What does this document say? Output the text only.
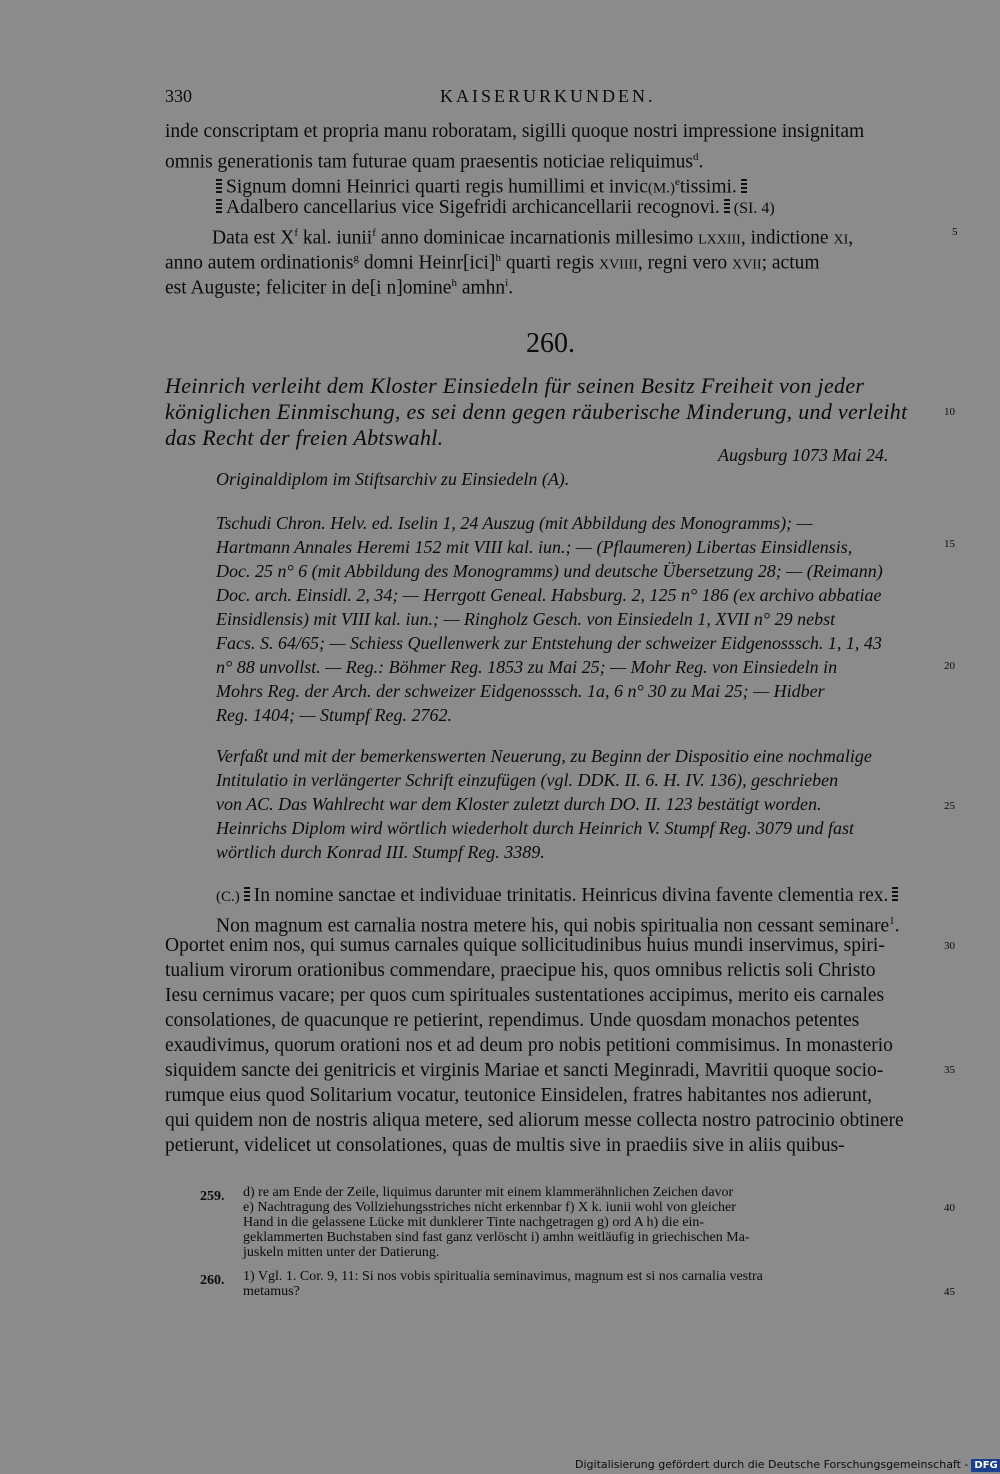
330	KAISERURKUNDEN.
inde conscriptam et propria manu roboratam, sigilli quoque nostri impressione insignitam
omnis generationis tam futurae quam praesentis noticiae reliquimus$^d$.
Signum domni Heinrici quarti regis humillimi et $invic(M.)^etissimi$.
Adalbero cancellarius vice Sigefridi archicancellarii recognovi. (SI. 4)
Data est $X^f$ kal. iunii$^f$ anno dominicae incarnationis millesimo lxxiii, indictione xi,
anno autem ordinationis$^g$ domni Heinr[ici]$^h$ quarti regis xviiii, regni vero xvii; actum
est Auguste; feliciter in de[i n]omine$^h$ amhn$^i$.
260.
Heinrich verleiht dem Kloster Einsiedeln für seinen Besitz Freiheit von jeder
königlichen Einmischung, es sei denn gegen räuberische Minderung, und verleiht
das Recht der freien Abtswahl.
Augsburg 1073 Mai 24.
Originaldiplom im Stiftsarchiv zu Einsiedeln (A).
Tschudi Chron. Helv. ed. Iselin 1, 24 Auszug (mit Abbildung des Monogramms); —
Hartmann Annales Heremi 152 mit VIII kal. iun.; — (Pflaumeren) Libertas Einsidlensis,
Doc. 25 n° 6 (mit Abbildung des Monogramms) und deutsche Übersetzung 28; — (Reimann)
Doc. arch. Einsidl. 2, 34; — Herrgott Geneal. Habsburg. 2, 125 n° 186 (ex archivo abbatiae
Einsidlensis) mit VIII kal. iun.; — Ringholz Gesch. von Einsiedeln 1, XVII n° 29 nebst
Facs. S. 64/65; — Schiess Quellenwerk zur Entstehung der schweizer Eidgenosssch. 1, 1, 43
n° 88 unvollst. — Reg.: Böhmer Reg. 1853 zu Mai 25; — Mohr Reg. von Einsiedeln in
Mohrs Reg. der Arch. der schweizer Eidgenosssch. 1a, 6 n° 30 zu Mai 25; — Hidber
Reg. 1404; — Stumpf Reg. 2762.
Verfaßt und mit der bemerkenswerten Neuerung, zu Beginn der Dispositio eine nochmalige
Intitulatio in verlängerter Schrift einzufügen (vgl. DDK. II. 6. H. IV. 136), geschrieben
von AC. Das Wahlrecht war dem Kloster zuletzt durch DO. II. 123 bestätigt worden.
Heinrichs Diplom wird wörtlich wiederholt durch Heinrich V. Stumpf Reg. 3079 und fast
wörtlich durch Konrad III. Stumpf Reg. 3389.
(C.) In nomine sanctae et individuae trinitatis. Heinricus divina favente clementia rex.
Non magnum est carnalia nostra metere his, qui nobis spiritualia non cessant seminare$^1$.
Oportet enim nos, qui sumus carnales quique sollicitudinibus huius mundi inservimus, spiri-
tualium virorum orationibus commendare, praecipue his, quos omnibus relictis soli Christo
Iesu cernimus vacare; per quos cum spirituales sustentationes accipimus, merito eis carnales
consolationes, de quacunque re petierint, rependimus. Unde quosdam monachos petentes
exaudivimus, quorum orationi nos et ad deum pro nobis petitioni commisimus. In monasterio
siquidem sancte dei genitricis et virginis Mariae et sancti Meginradi, Mavritii quoque socio-
rumque eius quod Solitarium vocatur, teutonice Einsidelen, fratres habitantes nos adierunt,
qui quidem non de nostris aliqua metere, sed aliorum messe collecta nostro patrocinio obtinere
petierunt, videlicet ut consolationes, quas de multis sive in praediis sive in aliis quibus-
259. d) re am Ende der Zeile, liquimus darunter mit einem klammerähnlichen Zeichen davor
e) Nachtragung des Vollziehungsstriches nicht erkennbar f) X k. iunii wohl von gleicher
Hand in die gelassene Lücke mit dunklerer Tinte nachgetragen g) ord A h) die ein-
geklammerten Buchstaben sind fast ganz verlöscht i) amhn weitläufig in griechischen Ma-
juskeln mitten unter der Datierung.
260. 1) Vgl. 1. Cor. 9, 11: Si nos vobis spiritualia seminavimus, magnum est si nos carnalia vestra
metamus?
5
10
15
20
25
30
35
40
45
Digitalisierung gefördert durch die Deutsche Forschungsgemeinschaft - DFG
